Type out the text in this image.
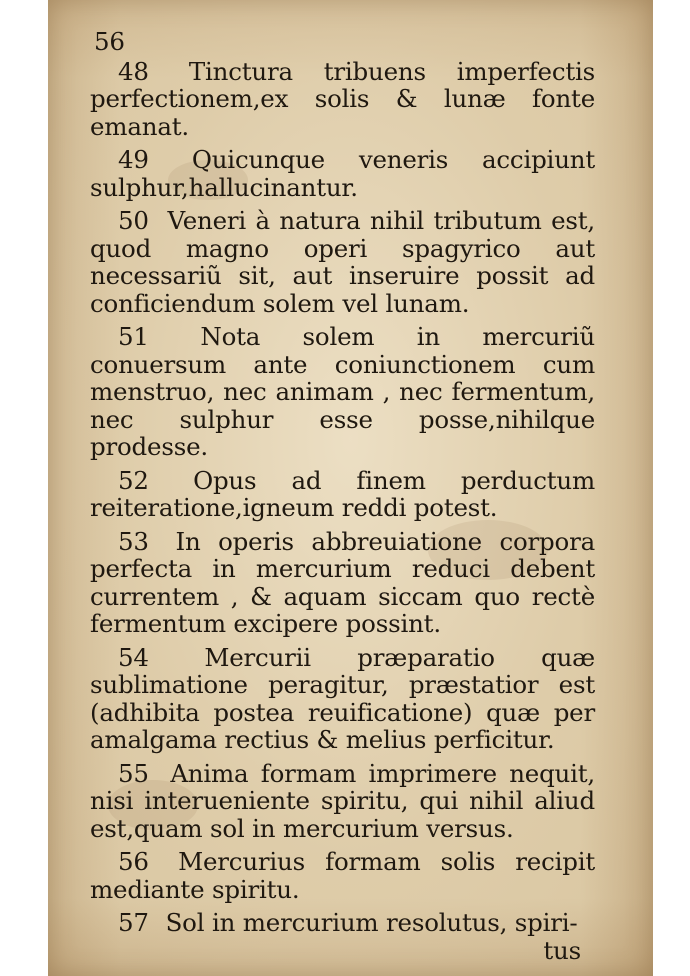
56
48 Tinctura tribuens imperfectis perfectionem,ex solis & lunæ fonte emanat.
49 Quicunque veneris accipiunt sulphur,hallucinantur.
50 Veneri à natura nihil tributum est, quod magno operi spagyrico aut necessariũ sit, aut inseruire possit ad conficiendum solem vel lunam.
51 Nota solem in mercuriũ conuersum ante coniunctionem cum menstruo, nec animam , nec fermentum, nec sulphur esse posse,nihilque prodesse.
52 Opus ad finem perductum reiteratione,igneum reddi potest.
53 In operis abbreuiatione corpora perfecta in mercurium reduci debent currentem , & aquam siccam quo rectè fermentum excipere possint.
54 Mercurii præparatio quæ sublimatione peragitur, præstatior est (adhibita postea reuificatione) quæ per amalgama rectius & melius perficitur.
55 Anima formam imprimere nequit, nisi interueniente spiritu, qui nihil aliud est,quam sol in mercurium versus.
56 Mercurius formam solis recipit mediante spiritu.
57 Sol in mercurium resolutus, spiri-
tus
